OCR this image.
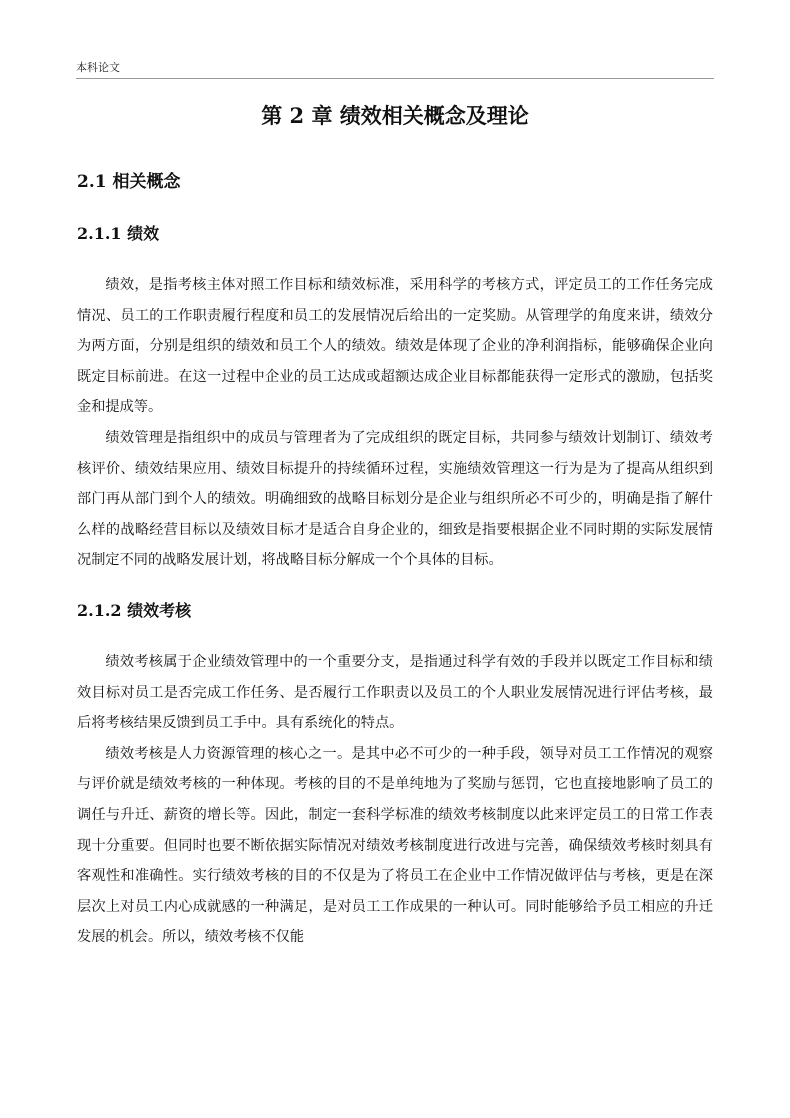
本科论文
第 2 章 绩效相关概念及理论
2.1 相关概念
2.1.1 绩效

绩效，是指考核主体对照工作目标和绩效标准，采用科学的考核方式，评定员工的工作任务完成情况、员工的工作职责履行程度和员工的发展情况后给出的一定奖励。从管理学的角度来讲，绩效分为两方面，分别是组织的绩效和员工个人的绩效。绩效是体现了企业的净利润指标，能够确保企业向既定目标前进。在这一过程中企业的员工达成或超额达成企业目标都能获得一定形式的激励，包括奖金和提成等。

绩效管理是指组织中的成员与管理者为了完成组织的既定目标，共同参与绩效计划制订、绩效考核评价、绩效结果应用、绩效目标提升的持续循环过程，实施绩效管理这一行为是为了提高从组织到部门再从部门到个人的绩效。明确细致的战略目标划分是企业与组织所必不可少的，明确是指了解什么样的战略经营目标以及绩效目标才是适合自身企业的，细致是指要根据企业不同时期的实际发展情况制定不同的战略发展计划，将战略目标分解成一个个具体的目标。

2.1.2 绩效考核

绩效考核属于企业绩效管理中的一个重要分支，是指通过科学有效的手段并以既定工作目标和绩效目标对员工是否完成工作任务、是否履行工作职责以及员工的个人职业发展情况进行评估考核，最后将考核结果反馈到员工手中。具有系统化的特点。

绩效考核是人力资源管理的核心之一。是其中必不可少的一种手段，领导对员工工作情况的观察与评价就是绩效考核的一种体现。考核的目的不是单纯地为了奖励与惩罚，它也直接地影响了员工的调任与升迁、薪资的增长等。因此，制定一套科学标准的绩效考核制度以此来评定员工的日常工作表现十分重要。但同时也要不断依据实际情况对绩效考核制度进行改进与完善，确保绩效考核时刻具有客观性和准确性。实行绩效考核的目的不仅是为了将员工在企业中工作情况做评估与考核，更是在深层次上对员工内心成就感的一种满足，是对员工工作成果的一种认可。同时能够给予员工相应的升迁发展的机会。所以，绩效考核不仅能
